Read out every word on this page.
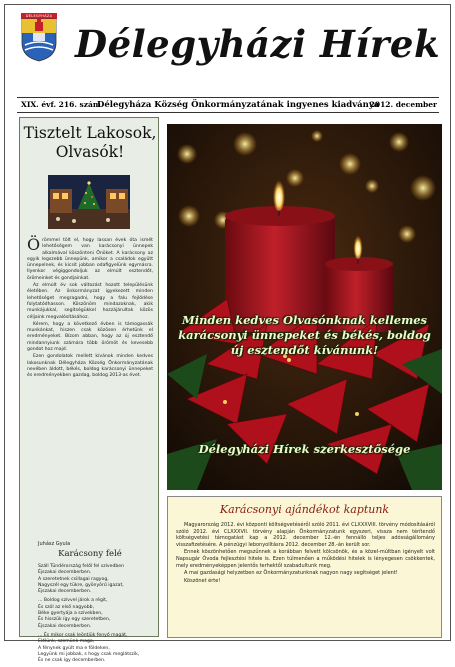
DÉLEGYHÁZA
Délegyházi Hírek
XIX. évf. 216. szám
Délegyháza Község Önkormányzatának ingyenes kiadványa
2012. december
Tisztelt Lakosok,
Olvasók!
Ö römmel tölt el, hogy lassan évek óta ismét lehetőségem van karácsonyi ünnepek alkalmával köszönteni Önöket. A karácsony az egyik legszebb ünnepünk, amikor a családok együtt ünnepelnek, és kicsit jobban odafigyelünk egymásra. Ilyenkor végiggondoljuk az elmúlt esztendőt, örömeinket és gondjainkat.

Az elmúlt év sok változást hozott településünk életében. Az önkormányzat igyekezett minden lehetőséget megragadni, hogy a falu fejlődése folytatódhasson. Köszönöm mindazoknak, akik munkájukkal, segítségükkel hozzájárultak közös céljaink megvalósításához.

Kérem, hogy a következő évben is támogassák munkánkat, hiszen csak közösen érhetünk el eredményeket. Bízom abban, hogy az új esztendő mindannyiunk számára több örömöt és kevesebb gondot hoz majd.

Ezen gondolatok mellett kívánok minden kedves lakosunknak Délegyháza Község Önkormányzatának nevében áldott, békés, boldog karácsonyi ünnepeket és eredményekben gazdag, boldog 2013-as évet.

Juhász Gyula
Karácsony felé

Száll Tündérország felől fel szívedben
Éjszakai decemberben.
A szeretetnek csillagai ragyog,
Nagyszél egy tükre, gyönyörű igazat,
Éjszakai decemberben.

... Boldog szívvel járok a régit,
És szól az első nagyobb,
Béke gyertyája a szívekben,
És hisszük így egy szeretetben,
Éjszakai decemberben.

... És mikor csak leöntjük fenyő magát,
Előlünk, szemünk maga,
A fénynek gyúlt ma e földeken,
Legyünk mi jobbak, s hogy csak meglátszik,
És ne csak így decemberben.

Minden kedves Olvasónknak kellemes karácsonyi ünnepeket és békés, boldog új esztendőt kívánunk!
Délegyházi Hírek szerkesztősége
Karácsonyi ajándékot kaptunk

Magyarország 2012. évi központi költségvetéséről szóló 2011. évi CLXXXVIII. törvény módosításáról szóló 2012. évi CLXXXVII. törvény alapján Önkormányzatunk egyszeri, vissza nem térítendő költségvetési támogatást kap a 2012. december 12.-én fennálló teljes adósságállomány visszafizetésére. A pénzügyi lebonyolításra 2012. december 28.-án került sor.

Ennek köszönhetően megszűnnek a korábban felvett kölcsönök, és a közel-múltban igényelt volt Napsugár Óvoda fejlesztési hitele is. Ezen túlmenően a működési hitelek is lényegesen csökkentek, mely eredményeképpen jelentős terhektől szabadultunk meg.

A mai gazdasági helyzetben ez Önkormányzatunknak nagyon nagy segítséget jelent!

Köszönet érte!
